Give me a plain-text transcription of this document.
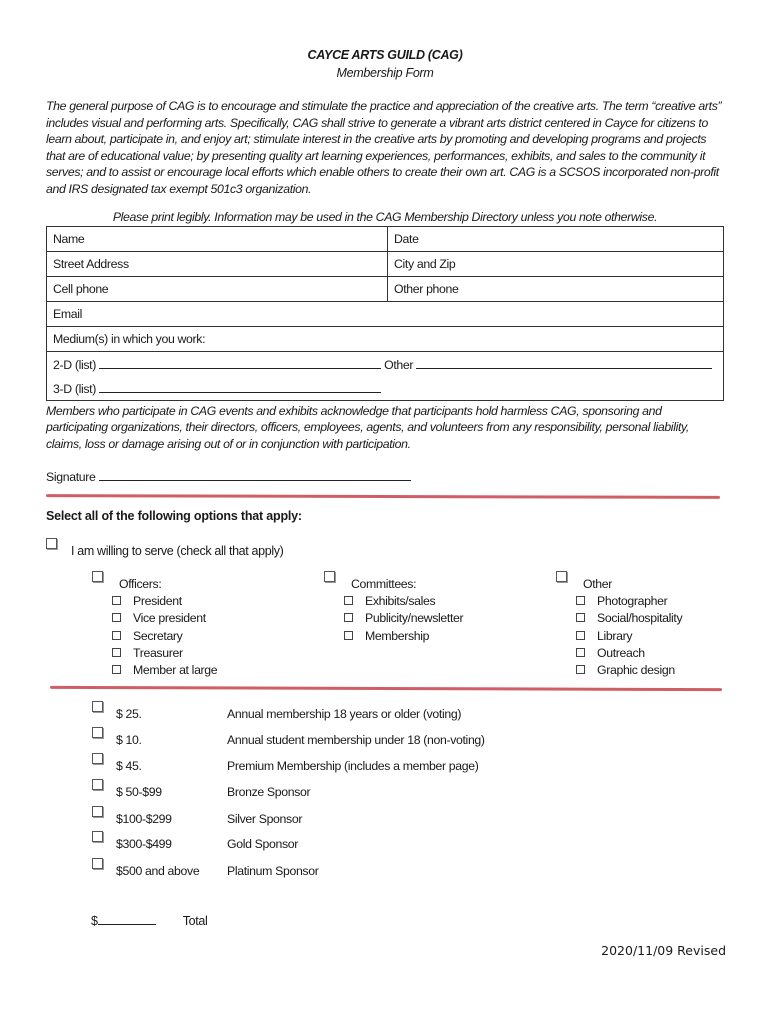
CAYCE ARTS GUILD (CAG)
Membership Form
The general purpose of CAG is to encourage and stimulate the practice and appreciation of the creative arts. The term “creative arts” includes visual and performing arts. Specifically, CAG shall strive to generate a vibrant arts district centered in Cayce for citizens to learn about, participate in, and enjoy art; stimulate interest in the creative arts by promoting and developing programs and projects that are of educational value; by presenting quality art learning experiences, performances, exhibits, and sales to the community it serves; and to assist or encourage local efforts which enable others to create their own art. CAG is a SCSOS incorporated non-profit and IRS designated tax exempt 501c3 organization.
Please print legibly. Information may be used in the CAG Membership Directory unless you note otherwise.
Name	Date
Street Address	City and Zip
Cell phone	Other phone
Email	
Medium(s) in which you work:	
2-D (list) Other	
3-D (list)	
Members who participate in CAG events and exhibits acknowledge that participants hold harmless CAG, sponsoring and participating organizations, their directors, officers, employees, agents, and volunteers from any responsibility, personal liability, claims, loss or damage arising out of or in conjunction with participation.
Signature
Select all of the following options that apply:
I am willing to serve (check all that apply)
Officers:
President
Vice president
Secretary
Treasurer
Member at large
Committees:
Exhibits/sales
Publicity/newsletter
Membership
Other
Photographer
Social/hospitality
Library
Outreach
Graphic design
$ 25.	Annual membership 18 years or older (voting)
$ 10.	Annual student membership under 18 (non-voting)
$ 45.	Premium Membership (includes a member page)
$ 50-$99	Bronze Sponsor
$100-$299	Silver Sponsor
$300-$499	Gold Sponsor
$500 and above Platinum Sponsor
$	Total
2020/11/09 Revised
